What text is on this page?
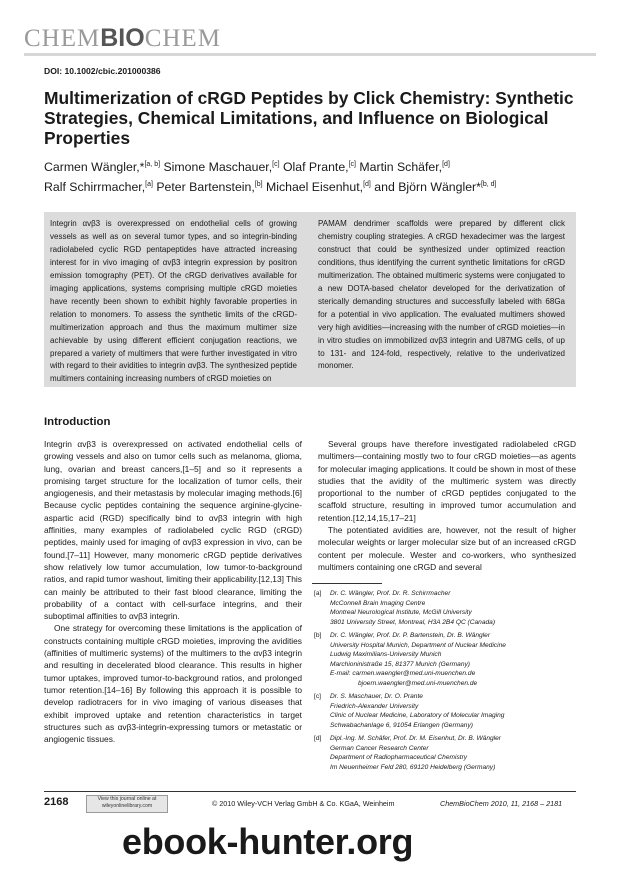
CHEMBIOCHEM
DOI: 10.1002/cbic.201000386
Multimerization of cRGD Peptides by Click Chemistry: Synthetic Strategies, Chemical Limitations, and Influence on Biological Properties
Carmen Wängler,*[a, b] Simone Maschauer,[c] Olaf Prante,[c] Martin Schäfer,[d]
Ralf Schirrmacher,[a] Peter Bartenstein,[b] Michael Eisenhut,[d] and Björn Wängler*[b, d]
Integrin αvβ3 is overexpressed on endothelial cells of growing vessels as well as on several tumor types, and so integrin-binding radiolabeled cyclic RGD pentapeptides have attracted increasing interest for in vivo imaging of αvβ3 integrin expression by positron emission tomography (PET). Of the cRGD derivatives available for imaging applications, systems comprising multiple cRGD moieties have recently been shown to exhibit highly favorable properties in relation to monomers. To assess the synthetic limits of the cRGD-multimerization approach and thus the maximum multimer size achievable by using different efficient conjugation reactions, we prepared a variety of multimers that were further investigated in vitro with regard to their avidities to integrin αvβ3. The synthesized peptide multimers containing increasing numbers of cRGD moieties on
PAMAM dendrimer scaffolds were prepared by different click chemistry coupling strategies. A cRGD hexadecimer was the largest construct that could be synthesized under optimized reaction conditions, thus identifying the current synthetic limitations for cRGD multimerization. The obtained multimeric systems were conjugated to a new DOTA-based chelator developed for the derivatization of sterically demanding structures and successfully labeled with 68Ga for a potential in vivo application. The evaluated multimers showed very high avidities—increasing with the number of cRGD moieties—in in vitro studies on immobilized αvβ3 integrin and U87MG cells, of up to 131- and 124-fold, respectively, relative to the underivatized monomer.
Introduction

Integrin αvβ3 is overexpressed on activated endothelial cells of growing vessels and also on tumor cells such as melanoma, glioma, lung, ovarian and breast cancers,[1–5] and so it represents a promising target structure for the localization of tumor cells, their angiogenesis, and their metastasis by molecular imaging methods.[6] Because cyclic peptides containing the sequence arginine-glycine-aspartic acid (RGD) specifically bind to αvβ3 integrin with high affinities, many examples of radiolabeled cyclic RGD (cRGD) peptides, mainly used for imaging of αvβ3 expression in vivo, can be found.[7–11] However, many monomeric cRGD peptide derivatives show relatively low tumor accumulation, low tumor-to-background ratios, and rapid tumor washout, limiting their applicability.[12,13] This can mainly be attributed to their fast blood clearance, limiting the probability of a contact with cell-surface integrins, and their suboptimal affinities to αvβ3 integrin.

One strategy for overcoming these limitations is the application of constructs containing multiple cRGD moieties, improving the avidities (affinities of multimeric systems) of the multimers to the αvβ3 integrin and resulting in decelerated blood clearance. This results in higher tumor uptakes, improved tumor-to-background ratios, and prolonged tumor retention.[14–16] By following this approach it is possible to develop radiotracers for in vivo imaging of various diseases that exhibit improved uptake and retention characteristics in target structures such as αvβ3-integrin-expressing tumors or metastatic or angiogenic tissues.

Several groups have therefore investigated radiolabeled cRGD multimers—containing mostly two to four cRGD moieties—as agents for molecular imaging applications. It could be shown in most of these studies that the avidity of the multimeric system was directly proportional to the number of cRGD peptides conjugated to the scaffold structure, resulting in improved tumor accumulation and retention.[12,14,15,17–21]

The potentiated avidities are, however, not the result of higher molecular weights or larger molecular size but of an increased cRGD content per molecule. Wester and co-workers, who synthesized multimers containing one cRGD and several

[a] Dr. C. Wängler, Prof. Dr. R. Schirrmacher
McConnell Brain Imaging Centre
Montreal Neurological Institute, McGill University
3801 University Street, Montreal, H3A 2B4 QC (Canada)
[b] Dr. C. Wängler, Prof. Dr. P. Bartenstein, Dr. B. Wängler
University Hospital Munich, Department of Nuclear Medicine
Ludwig Maximilians-University Munich
Marchioninistraße 15, 81377 Munich (Germany)
E-mail: carmen.waengler@med.uni-muenchen.de
bjoern.waengler@med.uni-muenchen.de
[c] Dr. S. Maschauer, Dr. O. Prante
Friedrich-Alexander University
Clinic of Nuclear Medicine, Laboratory of Molecular Imaging
Schwabachanlage 6, 91054 Erlangen (Germany)
[d] Dipl.-Ing. M. Schäfer, Prof. Dr. M. Eisenhut, Dr. B. Wängler
German Cancer Research Center
Department of Radiopharmaceutical Chemistry
Im Neuenheimer Feld 280, 69120 Heidelberg (Germany)
2168	View this journal online at
wileyonlinelibrary.com	© 2010 Wiley-VCH Verlag GmbH & Co. KGaA, Weinheim	ChemBioChem 2010, 11, 2168 – 2181
ebook-hunter.org
